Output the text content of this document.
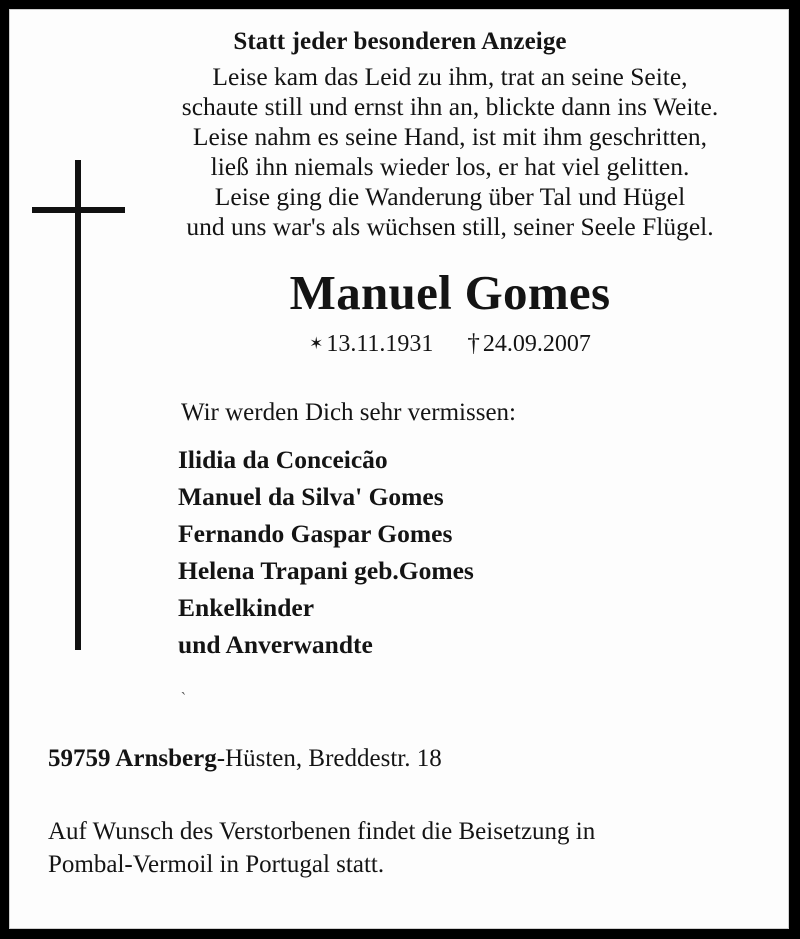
Statt jeder besonderen Anzeige
Leise kam das Leid zu ihm, trat an seine Seite,
schaute still und ernst ihn an, blickte dann ins Weite.
Leise nahm es seine Hand, ist mit ihm geschritten,
ließ ihn niemals wieder los, er hat viel gelitten.
Leise ging die Wanderung über Tal und Hügel
und uns war's als wüchsen still, seiner Seele Flügel.
Manuel Gomes
✶ 13.11.1931 † 24.09.2007
Wir werden Dich sehr vermissen:
Ilidia da Conceicão
Manuel da Silva' Gomes
Fernando Gaspar Gomes
Helena Trapani geb.Gomes
Enkelkinder
und Anverwandte
`
59759 Arnsberg-Hüsten, Breddestr. 18
Auf Wunsch des Verstorbenen findet die Beisetzung in
Pombal-Vermoil in Portugal statt.
